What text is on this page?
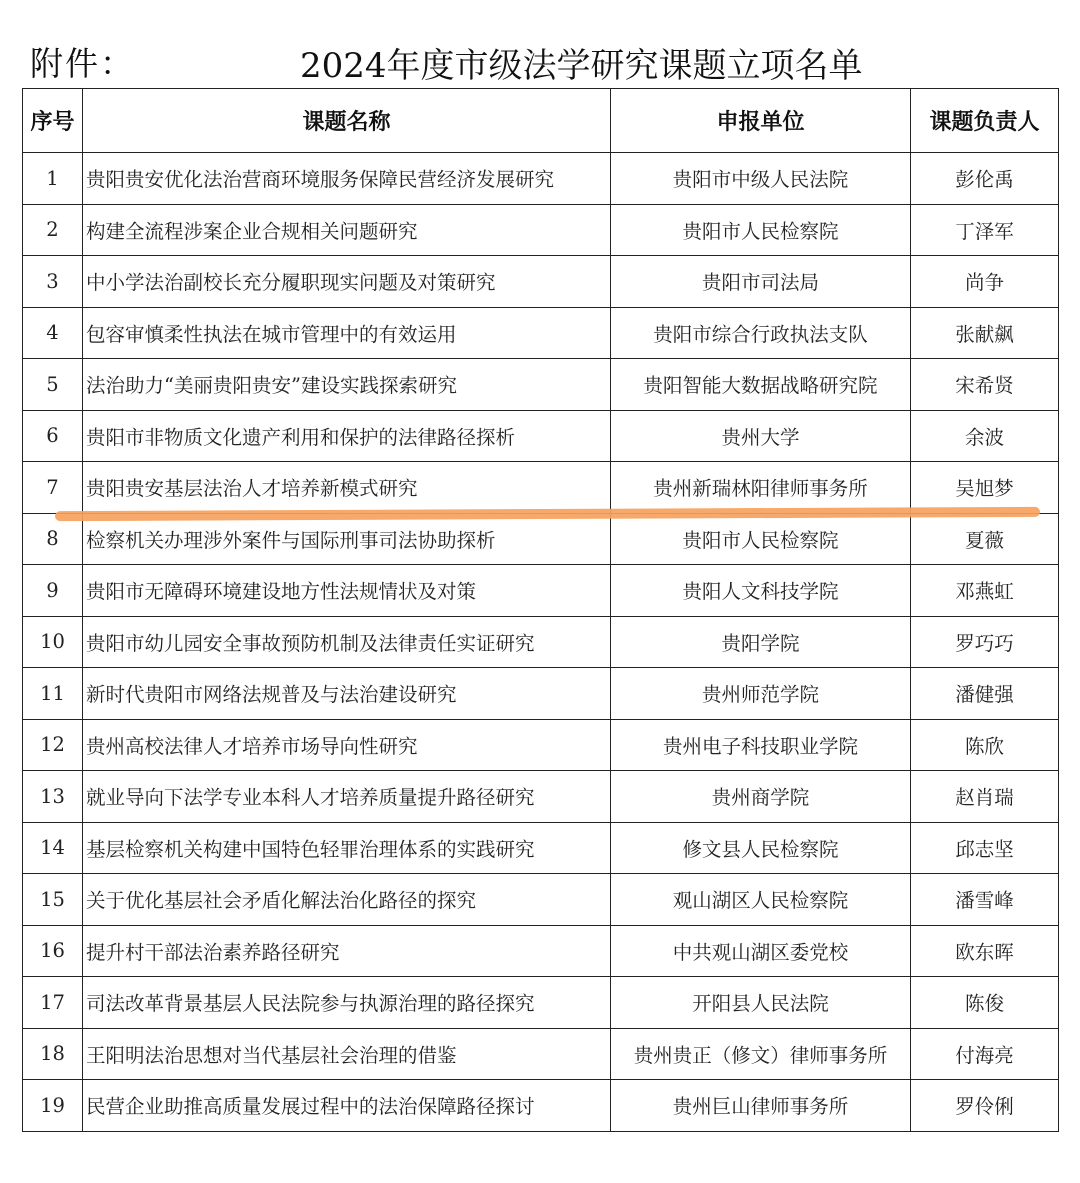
附件：	2024年度市级法学研究课题立项名单
序号	课题名称	申报单位	课题负责人
1	贵阳贵安优化法治营商环境服务保障民营经济发展研究	贵阳市中级人民法院	彭伦禹
2	构建全流程涉案企业合规相关问题研究	贵阳市人民检察院	丁泽军
3	中小学法治副校长充分履职现实问题及对策研究	贵阳市司法局	尚争
4	包容审慎柔性执法在城市管理中的有效运用	贵阳市综合行政执法支队	张献飙
5	法治助力“美丽贵阳贵安”建设实践探索研究	贵阳智能大数据战略研究院	宋希贤
6	贵阳市非物质文化遗产利用和保护的法律路径探析	贵州大学	余波
7	贵阳贵安基层法治人才培养新模式研究	贵州新瑞林阳律师事务所	吴旭梦
8	检察机关办理涉外案件与国际刑事司法协助探析	贵阳市人民检察院	夏薇
9	贵阳市无障碍环境建设地方性法规情状及对策	贵阳人文科技学院	邓燕虹
10	贵阳市幼儿园安全事故预防机制及法律责任实证研究	贵阳学院	罗巧巧
11	新时代贵阳市网络法规普及与法治建设研究	贵州师范学院	潘健强
12	贵州高校法律人才培养市场导向性研究	贵州电子科技职业学院	陈欣
13	就业导向下法学专业本科人才培养质量提升路径研究	贵州商学院	赵肖瑞
14	基层检察机关构建中国特色轻罪治理体系的实践研究	修文县人民检察院	邱志坚
15	关于优化基层社会矛盾化解法治化路径的探究	观山湖区人民检察院	潘雪峰
16	提升村干部法治素养路径研究	中共观山湖区委党校	欧东晖
17	司法改革背景基层人民法院参与执源治理的路径探究	开阳县人民法院	陈俊
18	王阳明法治思想对当代基层社会治理的借鉴	贵州贵正（修文）律师事务所	付海亮
19	民营企业助推高质量发展过程中的法治保障路径探讨	贵州巨山律师事务所	罗伶俐
